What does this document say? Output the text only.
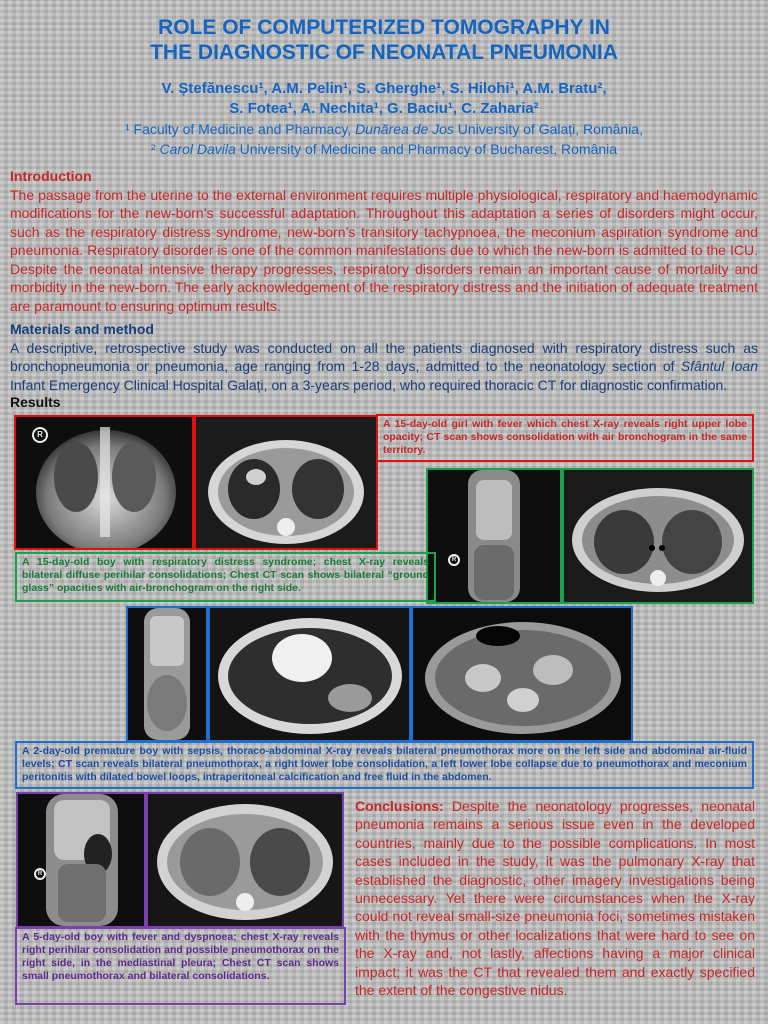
ROLE OF COMPUTERIZED TOMOGRAPHY IN
THE DIAGNOSTIC OF NEONATAL PNEUMONIA
V. Ștefănescu¹, A.M. Pelin¹, S. Gherghe¹, S. Hilohi¹, A.M. Bratu²,
S. Fotea¹, A. Nechita¹, G. Baciu¹, C. Zaharia²
¹ Faculty of Medicine and Pharmacy, Dunărea de Jos University of Galați, România,
² Carol Davila University of Medicine and Pharmacy of Bucharest, România
Introduction
The passage from the uterine to the external environment requires multiple physiological, respiratory and haemodynamic modifications for the new-born’s successful adaptation. Throughout this adaptation a series of disorders might occur, such as the respiratory distress syndrome, new-born’s transitory tachypnoea, the meconium aspiration syndrome and pneumonia. Respiratory disorder is one of the common manifestations due to which the new-born is admitted to the ICU. Despite the neonatal intensive therapy progresses, respiratory disorders remain an important cause of mortality and morbidity in the new-born. The early acknowledgement of the respiratory distress and the initiation of adequate treatment are paramount to ensuring optimum results.
Materials and method
A descriptive, retrospective study was conducted on all the patients diagnosed with respiratory distress such as bronchopneumonia or pneumonia, age ranging from 1-28 days, admitted to the neonatology section of Sfântul Ioan Infant Emergency Clinical Hospital Galați, on a 3-years period, who required thoracic CT for diagnostic confirmation.
Results
R
A 15-day-old girl with fever which chest X-ray reveals right upper lobe opacity; CT scan shows consolidation with air bronchogram in the same territory.
R
A 15-day-old boy with respiratory distress syndrome; chest X-ray reveals bilateral diffuse perihilar consolidations; Chest CT scan shows bilateral “ground glass” opacities with air-bronchogram on the right side.
A 2-day-old premature boy with sepsis, thoraco-abdominal X-ray reveals bilateral pneumothorax more on the left side and abdominal air-fluid levels; CT scan reveals bilateral pneumothorax, a right lower lobe consolidation, a left lower lobe collapse due to pneumothorax and meconium peritonitis with dilated bowel loops, intraperitoneal calcification and free fluid in the abdomen.
R
A 5-day-old boy with fever and dyspnoea; chest X-ray reveals right perihilar consolidation and possible pneumothorax on the right side, in the mediastinal pleura; Chest CT scan shows small pneumothorax and bilateral consolidations.
Conclusions: Despite the neonatology progresses, neonatal pneumonia remains a serious issue even in the developed countries, mainly due to the possible complications. In most cases included in the study, it was the pulmonary X-ray that established the diagnostic, other imagery investigations being unnecessary. Yet there were circumstances when the X-ray could not reveal small-size pneumonia foci, sometimes mistaken with the thymus or other localizations that were hard to see on the X-ray and, not lastly, affections having a major clinical impact; it was the CT that revealed them and exactly specified the extent of the congestive nidus.
